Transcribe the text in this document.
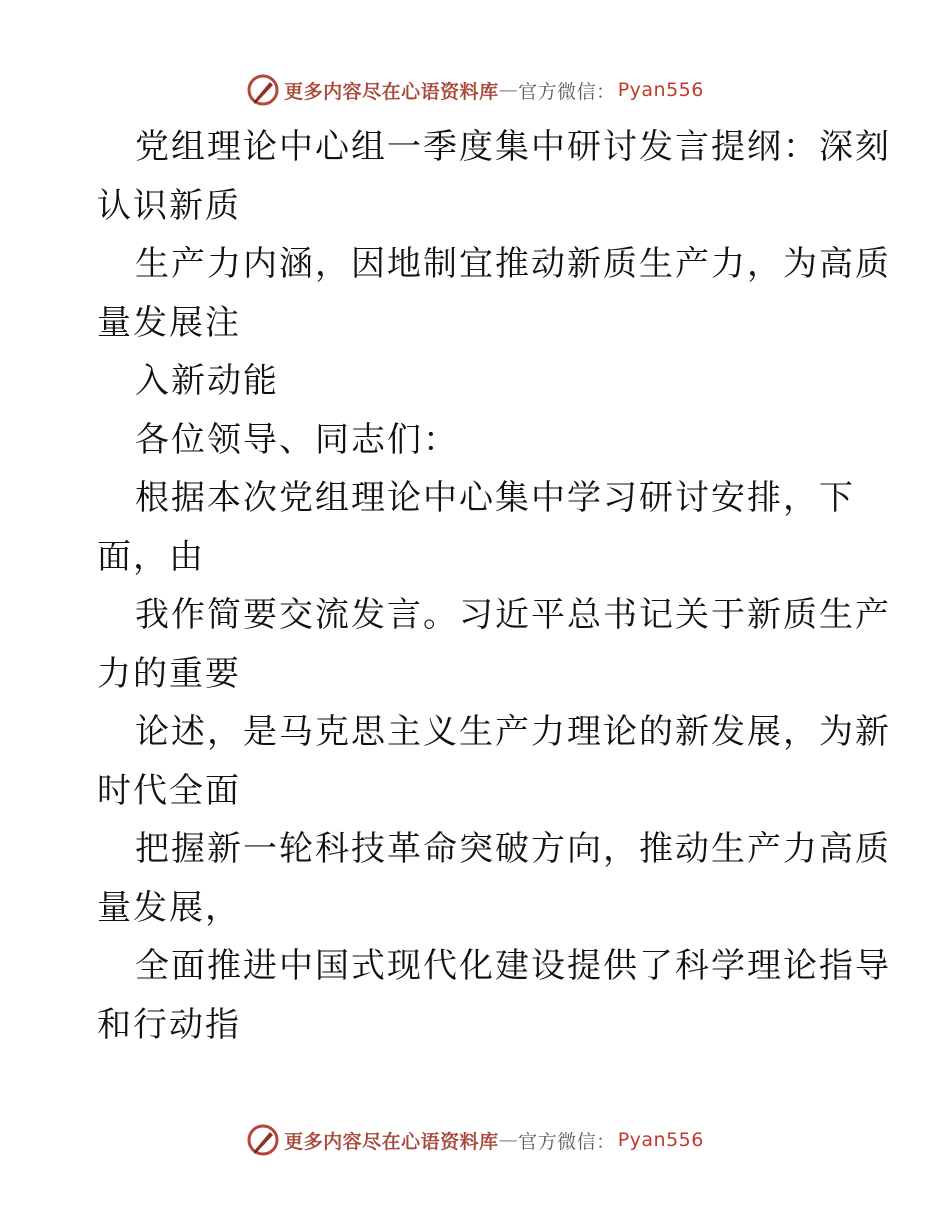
更多内容尽在心语资料库 — 官方微信： Pyan556
党组理论中心组一季度集中研讨发言提纲：深刻
认识新质
生产力内涵，因地制宜推动新质生产力，为高质
量发展注
入新动能
各位领导、同志们：
根据本次党组理论中心集中学习研讨安排，下
面，由
我作简要交流发言。习近平总书记关于新质生产
力的重要
论述，是马克思主义生产力理论的新发展，为新
时代全面
把握新一轮科技革命突破方向，推动生产力高质
量发展，
全面推进中国式现代化建设提供了科学理论指导
和行动指
更多内容尽在心语资料库 — 官方微信： Pyan556
